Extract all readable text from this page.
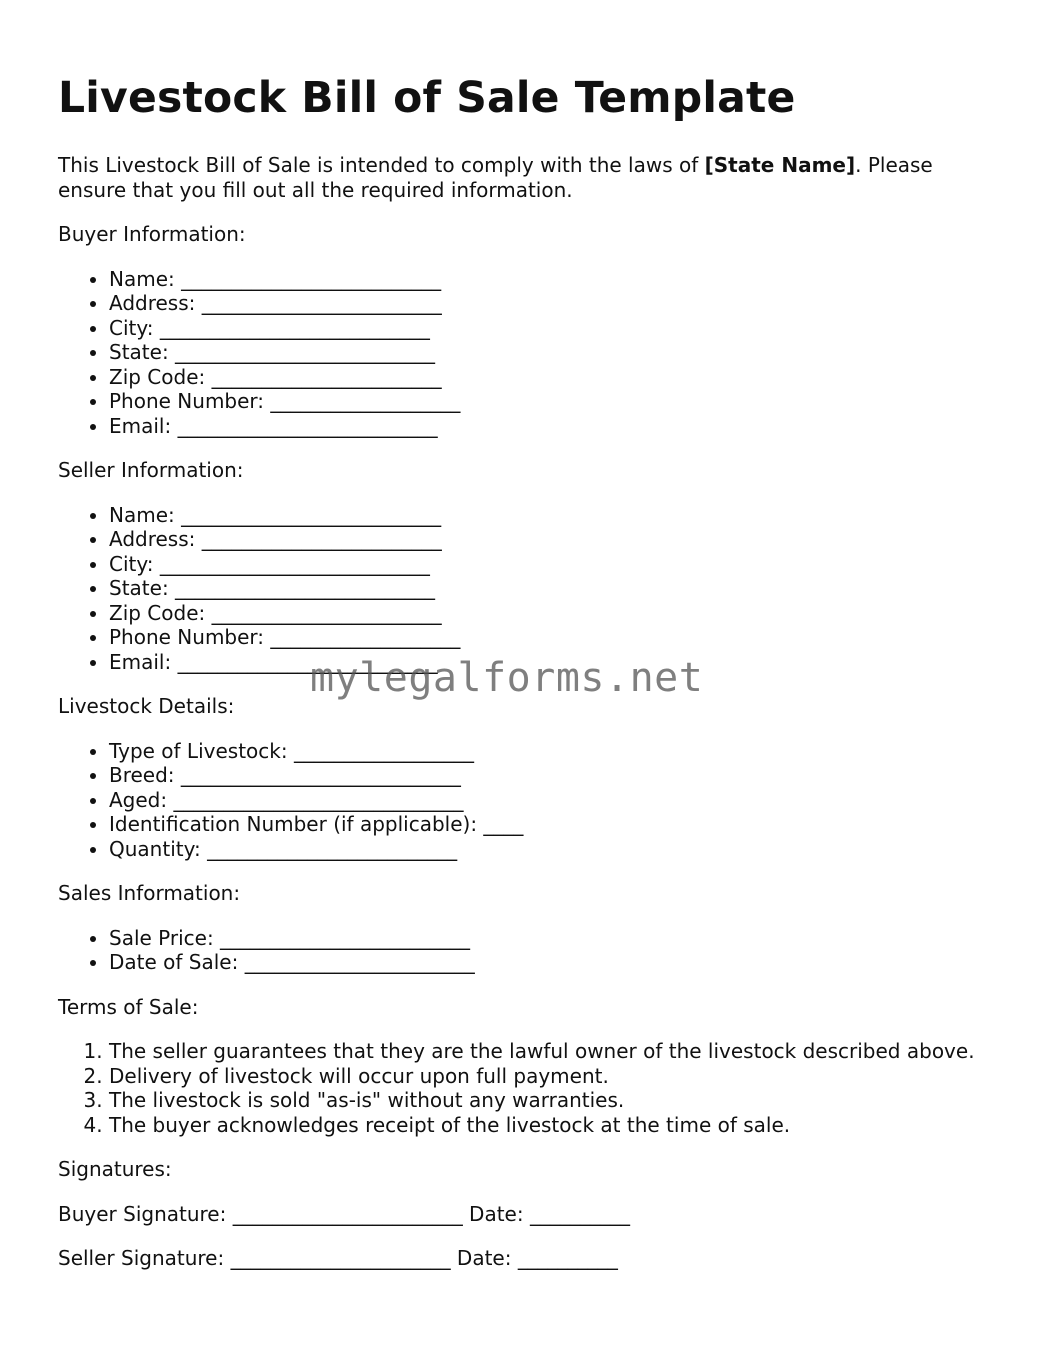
Livestock Bill of Sale Template

This Livestock Bill of Sale is intended to comply with the laws of [State Name]. Please ensure that you fill out all the required information.

Buyer Information:

• Name: __________________________
• Address: ________________________
• City: ___________________________
• State: __________________________
• Zip Code: _______________________
• Phone Number: ___________________
• Email: __________________________

Seller Information:

• Name: __________________________
• Address: ________________________
• City: ___________________________
• State: __________________________
• Zip Code: _______________________
• Phone Number: ___________________
• Email: __________________________

Livestock Details:

• Type of Livestock: __________________
• Breed: ____________________________
• Aged: _____________________________
• Identification Number (if applicable): ____
• Quantity: _________________________

Sales Information:

• Sale Price: _________________________
• Date of Sale: _______________________

Terms of Sale:

1. The seller guarantees that they are the lawful owner of the livestock described above.
2. Delivery of livestock will occur upon full payment.
3. The livestock is sold "as-is" without any warranties.
4. The buyer acknowledges receipt of the livestock at the time of sale.

Signatures:

Buyer Signature: _______________________ Date: __________

Seller Signature: ______________________ Date: __________

mylegalforms.net
